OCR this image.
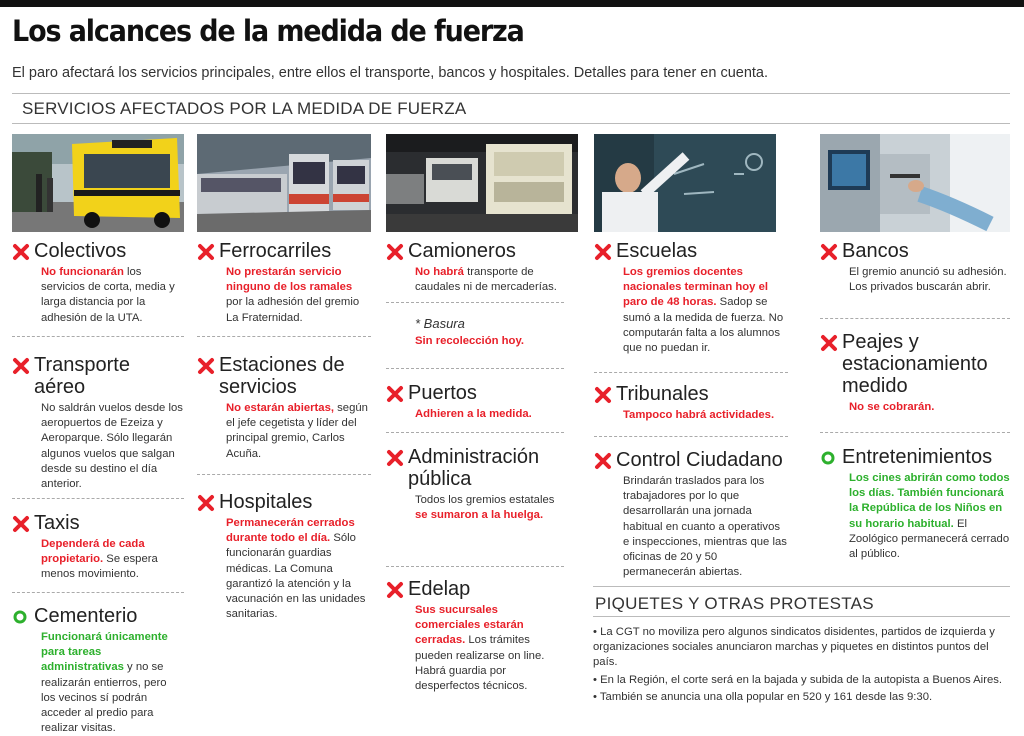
Los alcances de la medida de fuerza
El paro afectará los servicios principales, entre ellos el transporte, bancos y hospitales. Detalles para tener en cuenta.
SERVICIOS AFECTADOS POR LA MEDIDA DE FUERZA
Colectivos
No funcionarán los servicios de corta, media y larga distancia por la adhesión de la UTA.
Transporte aéreo
No saldrán vuelos desde los aeropuertos de Ezeiza y Aeroparque. Sólo llegarán algunos vuelos que salgan desde su destino el día anterior.
Taxis
Dependerá de cada propietario. Se espera menos movimiento.
Cementerio
Funcionará únicamente para tareas administrativas y no se realizarán entierros, pero los vecinos sí podrán acceder al predio para realizar visitas.
Ferrocarriles
No prestarán servicio ninguno de los ramales por la adhesión del gremio La Fraternidad.
Estaciones de servicios
No estarán abiertas, según el jefe cegetista y líder del principal gremio, Carlos Acuña.
Hospitales
Permanecerán cerrados durante todo el día. Sólo funcionarán guardias médicas. La Comuna garantizó la atención y la vacunación en las unidades sanitarias.
Camioneros
No habrá transporte de caudales ni de mercaderías.
* Basura
Sin recolección hoy.
Puertos
Adhieren a la medida.
Administración pública
Todos los gremios estatales se sumaron a la huelga.
Edelap
Sus sucursales comerciales estarán cerradas. Los trámites pueden realizarse on line. Habrá guardia por desperfectos técnicos.
Escuelas
Los gremios docentes nacionales terminan hoy el paro de 48 horas. Sadop se sumó a la medida de fuerza. No computarán falta a los alumnos que no puedan ir.
Tribunales
Tampoco habrá actividades.
Control Ciudadano
Brindarán traslados para los trabajadores por lo que desarrollarán una jornada habitual en cuanto a operativos e inspecciones, mientras que las oficinas de 20 y 50 permanecerán abiertas.
Bancos
El gremio anunció su adhesión. Los privados buscarán abrir.
Peajes y estacionamiento medido
No se cobrarán.
Entretenimientos
Los cines abrirán como todos los días. También funcionará la República de los Niños en su horario habitual. El Zoológico permanecerá cerrado al público.
PIQUETES Y OTRAS PROTESTAS
• La CGT no moviliza pero algunos sindicatos disidentes, partidos de izquierda y organizaciones sociales anunciaron marchas y piquetes en distintos puntos del país.
• En la Región, el corte será en la bajada y subida de la autopista a Buenos Aires.
• También se anuncia una olla popular en 520 y 161 desde las 9:30.
